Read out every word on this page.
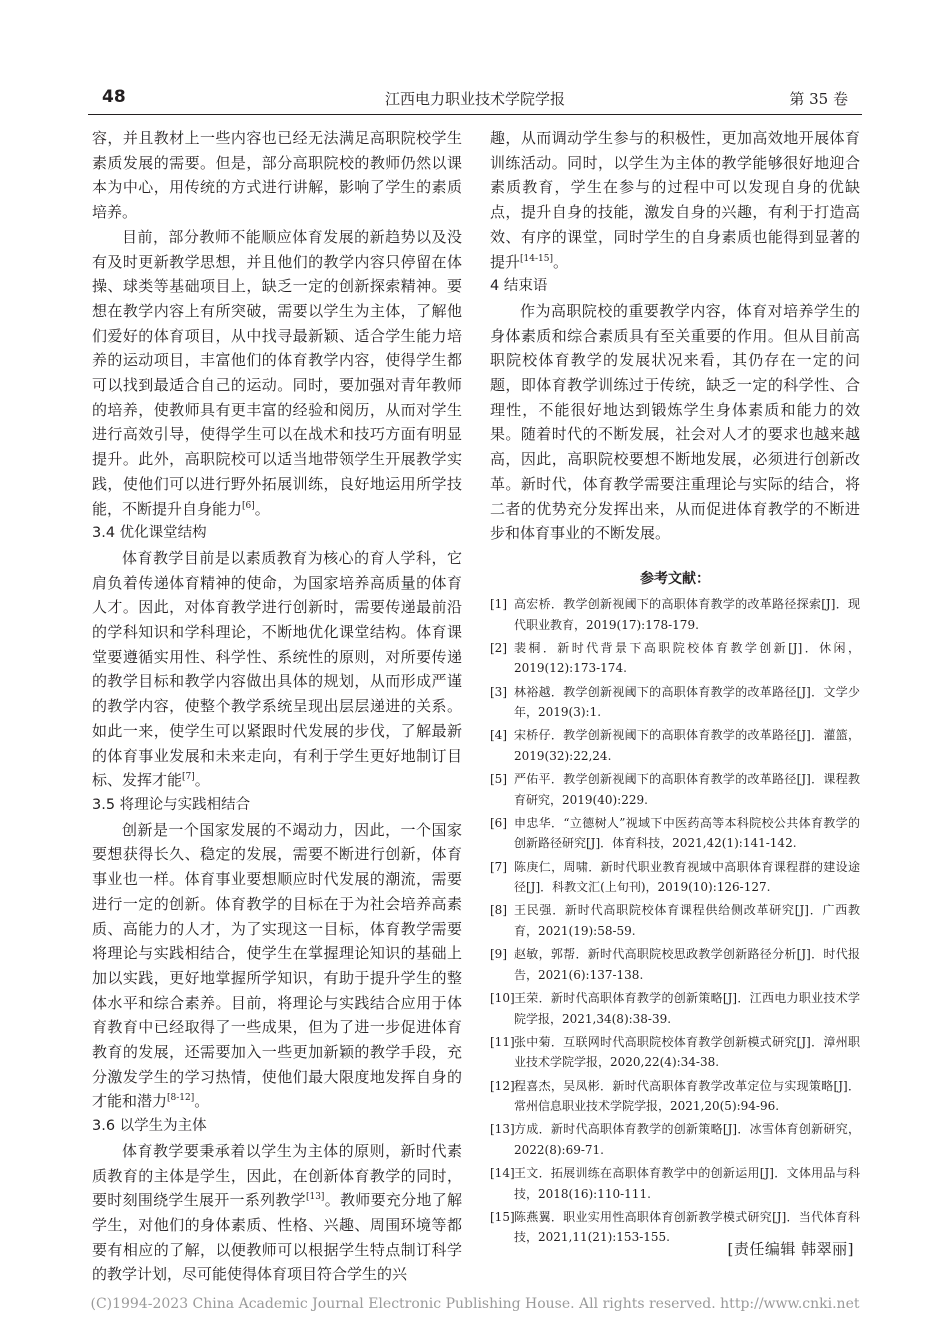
48	江西电力职业技术学院学报	第 35 卷

容，并且教材上一些内容也已经无法满足高职院校学生素质发展的需要。但是，部分高职院校的教师仍然以课本为中心，用传统的方式进行讲解，影响了学生的素质培养。

目前，部分教师不能顺应体育发展的新趋势以及没有及时更新教学思想，并且他们的教学内容只停留在体操、球类等基础项目上，缺乏一定的创新探索精神。要想在教学内容上有所突破，需要以学生为主体，了解他们爱好的体育项目，从中找寻最新颖、适合学生能力培养的运动项目，丰富他们的体育教学内容，使得学生都可以找到最适合自己的运动。同时，要加强对青年教师的培养，使教师具有更丰富的经验和阅历，从而对学生进行高效引导，使得学生可以在战术和技巧方面有明显提升。此外，高职院校可以适当地带领学生开展教学实践，使他们可以进行野外拓展训练，良好地运用所学技能，不断提升自身能力[6]。

3.4 优化课堂结构

体育教学目前是以素质教育为核心的育人学科，它肩负着传递体育精神的使命，为国家培养高质量的体育人才。因此，对体育教学进行创新时，需要传递最前沿的学科知识和学科理论，不断地优化课堂结构。体育课堂要遵循实用性、科学性、系统性的原则，对所要传递的教学目标和教学内容做出具体的规划，从而形成严谨的教学内容，使整个教学系统呈现出层层递进的关系。如此一来，使学生可以紧跟时代发展的步伐，了解最新的体育事业发展和未来走向，有利于学生更好地制订目标、发挥才能[7]。

3.5 将理论与实践相结合

创新是一个国家发展的不竭动力，因此，一个国家要想获得长久、稳定的发展，需要不断进行创新，体育事业也一样。体育事业要想顺应时代发展的潮流，需要进行一定的创新。体育教学的目标在于为社会培养高素质、高能力的人才，为了实现这一目标，体育教学需要将理论与实践相结合，使学生在掌握理论知识的基础上加以实践，更好地掌握所学知识，有助于提升学生的整体水平和综合素养。目前，将理论与实践结合应用于体育教育中已经取得了一些成果，但为了进一步促进体育教育的发展，还需要加入一些更加新颖的教学手段，充分激发学生的学习热情，使他们最大限度地发挥自身的才能和潜力[8-12]。

3.6 以学生为主体

体育教学要秉承着以学生为主体的原则，新时代素质教育的主体是学生，因此，在创新体育教学的同时，要时刻围绕学生展开一系列教学[13]。教师要充分地了解学生，对他们的身体素质、性格、兴趣、周围环境等都要有相应的了解，以便教师可以根据学生特点制订科学的教学计划，尽可能使得体育项目符合学生的兴

趣，从而调动学生参与的积极性，更加高效地开展体育训练活动。同时，以学生为主体的教学能够很好地迎合素质教育，学生在参与的过程中可以发现自身的优缺点，提升自身的技能，激发自身的兴趣，有利于打造高效、有序的课堂，同时学生的自身素质也能得到显著的提升[14-15]。

4 结束语

作为高职院校的重要教学内容，体育对培养学生的身体素质和综合素质具有至关重要的作用。但从目前高职院校体育教学的发展状况来看，其仍存在一定的问题，即体育教学训练过于传统，缺乏一定的科学性、合理性，不能很好地达到锻炼学生身体素质和能力的效果。随着时代的不断发展，社会对人才的要求也越来越高，因此，高职院校要想不断地发展，必须进行创新改革。新时代，体育教学需要注重理论与实际的结合，将二者的优势充分发挥出来，从而促进体育教学的不断进步和体育事业的不断发展。

参考文献：
[1] 高宏桥．教学创新视阈下的高职体育教学的改革路径探索[J]．现代职业教育，2019(17):178-179.
[2] 裴桐．新时代背景下高职院校体育教学创新[J]．休闲，2019(12):173-174.
[3] 林裕越．教学创新视阈下的高职体育教学的改革路径[J]．文学少年，2019(3):1.
[4] 宋桥仔．教学创新视阈下的高职体育教学的改革路径[J]．灌篮，2019(32):22,24.
[5] 严佑平．教学创新视阈下的高职体育教学的改革路径[J]．课程教育研究，2019(40):229.
[6] 申忠华．“立德树人”视域下中医药高等本科院校公共体育教学的创新路径研究[J]．体育科技，2021,42(1):141-142.
[7] 陈庚仁，周啸．新时代职业教育视域中高职体育课程群的建设途径[J]．科教文汇(上旬刊)，2019(10):126-127.
[8] 王民强．新时代高职院校体育课程供给侧改革研究[J]．广西教育，2021(19):58-59.
[9] 赵敏，郭帮．新时代高职院校思政教学创新路径分析[J]．时代报告，2021(6):137-138.
[10] 王荣．新时代高职体育教学的创新策略[J]．江西电力职业技术学院学报，2021,34(8):38-39.
[11] 张中菊．互联网时代高职院校体育教学创新模式研究[J]．漳州职业技术学院学报，2020,22(4):34-38.
[12] 程喜杰，吴凤彬．新时代高职体育教学改革定位与实现策略[J]．常州信息职业技术学院学报，2021,20(5):94-96.
[13] 方成．新时代高职体育教学的创新策略[J]．冰雪体育创新研究，2022(8):69-71.
[14] 王文．拓展训练在高职体育教学中的创新运用[J]．文体用品与科技，2018(16):110-111.
[15] 陈燕翼．职业实用性高职体育创新教学模式研究[J]．当代体育科技，2021,11(21):153-155.
[责任编辑 韩翠丽]
(C)1994-2023 China Academic Journal Electronic Publishing House. All rights reserved. http://www.cnki.net
